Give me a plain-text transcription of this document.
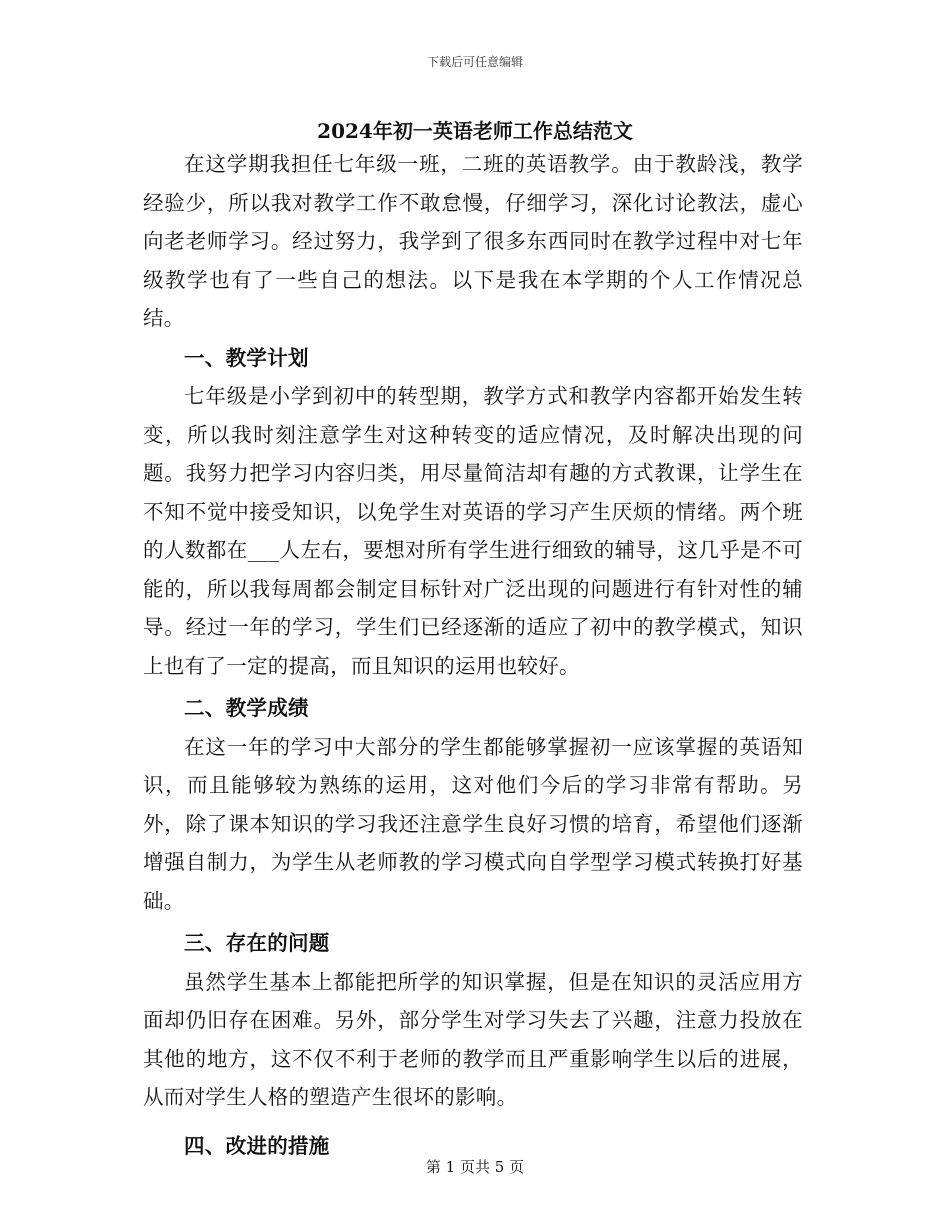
下载后可任意编辑
2024年初一英语老师工作总结范文

在这学期我担任七年级一班，二班的英语教学。由于教龄浅，教学经验少，所以我对教学工作不敢怠慢，仔细学习，深化讨论教法，虚心向老老师学习。经过努力，我学到了很多东西同时在教学过程中对七年级教学也有了一些自己的想法。以下是我在本学期的个人工作情况总结。

一、教学计划

七年级是小学到初中的转型期，教学方式和教学内容都开始发生转变，所以我时刻注意学生对这种转变的适应情况，及时解决出现的问题。我努力把学习内容归类，用尽量简洁却有趣的方式教课，让学生在不知不觉中接受知识，以免学生对英语的学习产生厌烦的情绪。两个班的人数都在___人左右，要想对所有学生进行细致的辅导，这几乎是不可能的，所以我每周都会制定目标针对广泛出现的问题进行有针对性的辅导。经过一年的学习，学生们已经逐渐的适应了初中的教学模式，知识上也有了一定的提高，而且知识的运用也较好。

二、教学成绩

在这一年的学习中大部分的学生都能够掌握初一应该掌握的英语知识，而且能够较为熟练的运用，这对他们今后的学习非常有帮助。另外，除了课本知识的学习我还注意学生良好习惯的培育，希望他们逐渐增强自制力，为学生从老师教的学习模式向自学型学习模式转换打好基础。

三、存在的问题

虽然学生基本上都能把所学的知识掌握，但是在知识的灵活应用方面却仍旧存在困难。另外，部分学生对学习失去了兴趣，注意力投放在其他的地方，这不仅不利于老师的教学而且严重影响学生以后的进展，从而对学生人格的塑造产生很坏的影响。

四、改进的措施
第 1 页共 5 页
